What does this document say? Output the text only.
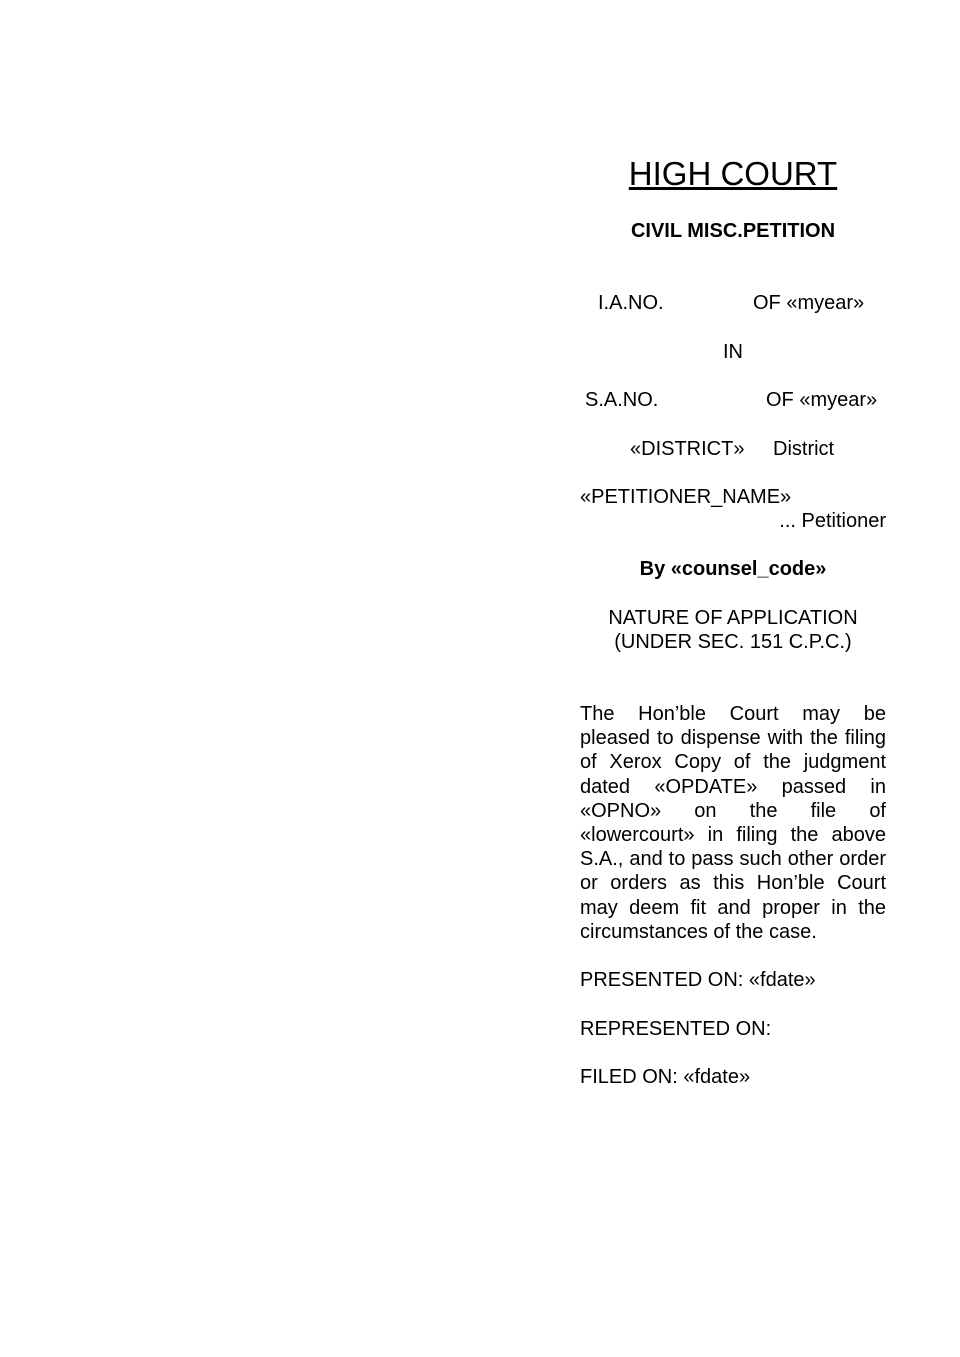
HIGH COURT
CIVIL MISC.PETITION
I.A.NO.	OF «myear»
IN
S.A.NO.	OF «myear»
«DISTRICT» District
«PETITIONER_NAME»
... Petitioner
By «counsel_code»
NATURE OF APPLICATION
(UNDER SEC. 151 C.P.C.)
The Hon’ble Court may be pleased to dispense with the filing of Xerox Copy of the judgment dated «OPDATE» passed in «OPNO» on the file of «lowercourt» in filing the above S.A., and to pass such other order or orders as this Hon’ble Court may deem fit and proper in the circumstances of the case.
PRESENTED ON: «fdate»
REPRESENTED ON:
FILED ON: «fdate»
